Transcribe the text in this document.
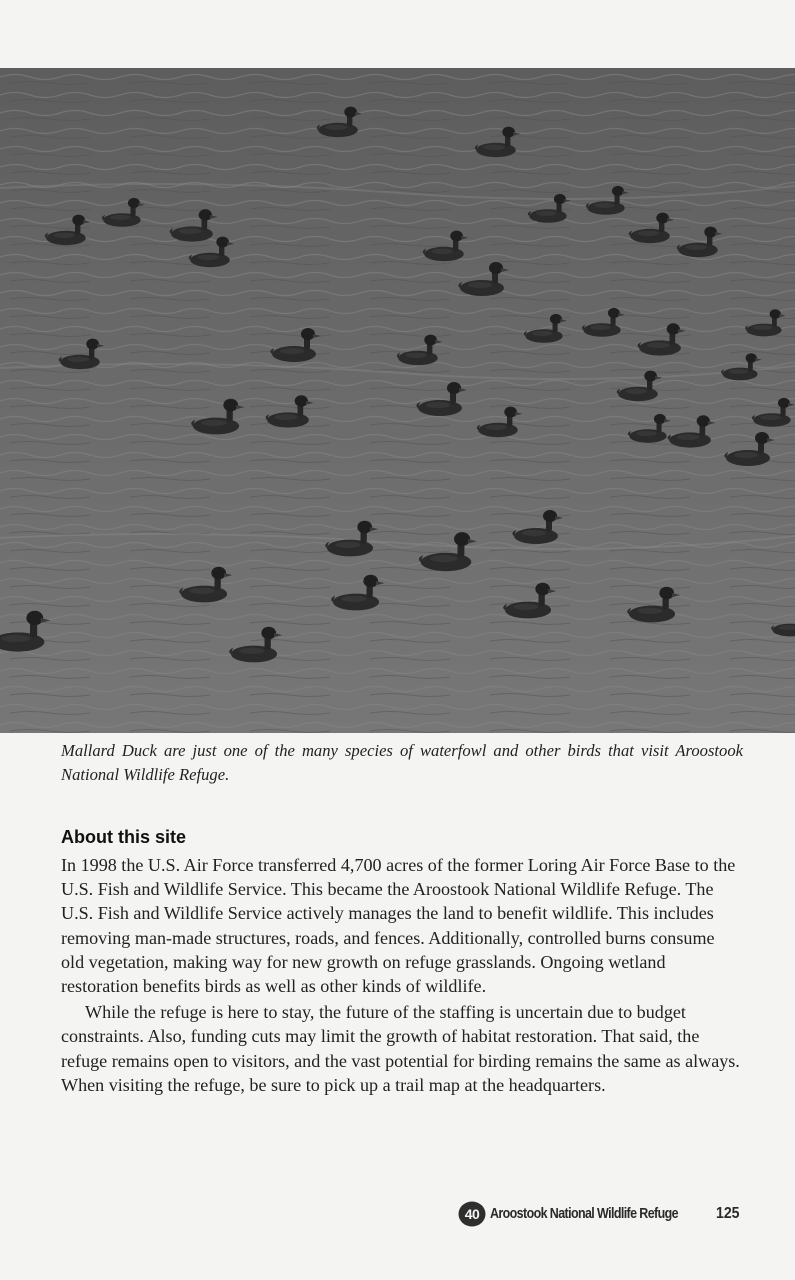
Mallard Duck are just one of the many species of waterfowl and other birds that visit Aroostook National Wildlife Refuge.

About this site

In 1998 the U.S. Air Force transferred 4,700 acres of the former Loring Air Force Base to the U.S. Fish and Wildlife Service. This became the Aroostook National Wildlife Refuge. The U.S. Fish and Wildlife Service actively manages the land to benefit wildlife. This includes removing man-made structures, roads, and fences. Additionally, controlled burns consume old vegetation, making way for new growth on refuge grasslands. Ongoing wetland restoration benefits birds as well as other kinds of wildlife.

While the refuge is here to stay, the future of the staffing is uncertain due to budget constraints. Also, funding cuts may limit the growth of habitat restoration. That said, the refuge remains open to visitors, and the vast potential for birding remains the same as always. When visiting the refuge, be sure to pick up a trail map at the headquarters.

40 Aroostook National Wildlife Refuge 125
